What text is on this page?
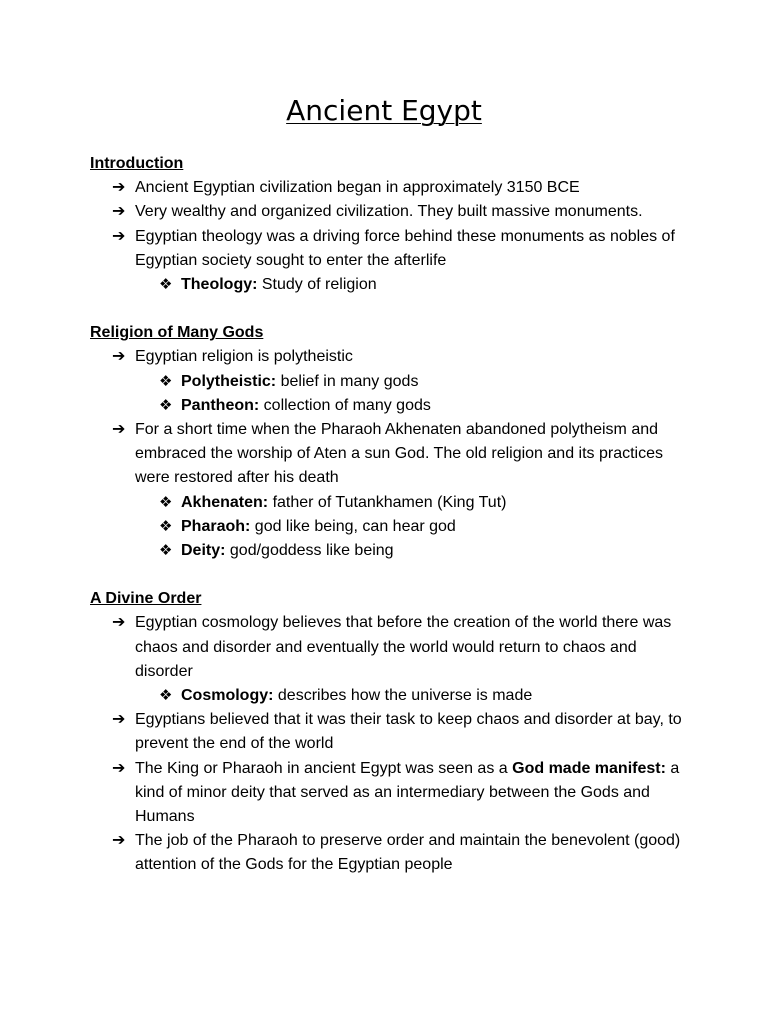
Ancient Egypt

Introduction

➔ Ancient Egyptian civilization began in approximately 3150 BCE
➔ Very wealthy and organized civilization. They built massive monuments.
➔ Egyptian theology was a driving force behind these monuments as nobles of Egyptian society sought to enter the afterlife
❖ Theology: Study of religion

Religion of Many Gods

➔ Egyptian religion is polytheistic
❖ Polytheistic: belief in many gods
❖ Pantheon: collection of many gods
➔ For a short time when the Pharaoh Akhenaten abandoned polytheism and embraced the worship of Aten a sun God. The old religion and its practices were restored after his death
❖ Akhenaten: father of Tutankhamen (King Tut)
❖ Pharaoh: god like being, can hear god
❖ Deity: god/goddess like being

A Divine Order

➔ Egyptian cosmology believes that before the creation of the world there was chaos and disorder and eventually the world would return to chaos and disorder
❖ Cosmology: describes how the universe is made
➔ Egyptians believed that it was their task to keep chaos and disorder at bay, to prevent the end of the world
➔ The King or Pharaoh in ancient Egypt was seen as a God made manifest: a kind of minor deity that served as an intermediary between the Gods and Humans
➔ The job of the Pharaoh to preserve order and maintain the benevolent (good) attention of the Gods for the Egyptian people
